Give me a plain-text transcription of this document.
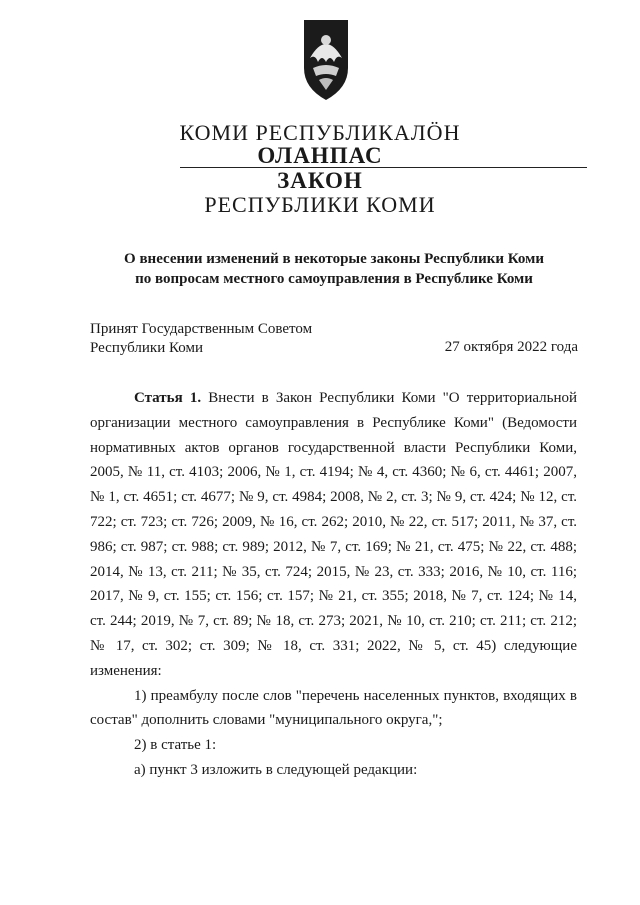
КОМИ РЕСПУБЛИКАЛÖН
ОЛАНПАС
ЗАКОН
РЕСПУБЛИКИ КОМИ
О внесении изменений в некоторые законы Республики Коми
по вопросам местного самоуправления в Республике Коми
Принят Государственным Советом
Республики Коми	27 октября 2022 года

Статья 1. Внести в Закон Республики Коми "О территориальной организации местного самоуправления в Республике Коми" (Ведомости нормативных актов органов государственной власти Республики Коми, 2005, № 11, ст. 4103; 2006, № 1, ст. 4194; № 4, ст. 4360; № 6, ст. 4461; 2007, № 1, ст. 4651; ст. 4677; № 9, ст. 4984; 2008, № 2, ст. 3; № 9, ст. 424; № 12, ст. 722; ст. 723; ст. 726; 2009, № 16, ст. 262; 2010, № 22, ст. 517; 2011, № 37, ст. 986; ст. 987; ст. 988; ст. 989; 2012, № 7, ст. 169; № 21, ст. 475; № 22, ст. 488; 2014, № 13, ст. 211; № 35, ст. 724; 2015, № 23, ст. 333; 2016, № 10, ст. 116; 2017, № 9, ст. 155; ст. 156; ст. 157; № 21, ст. 355; 2018, № 7, ст. 124; № 14, ст. 244; 2019, № 7, ст. 89; № 18, ст. 273; 2021, № 10, ст. 210; ст. 211; ст. 212; № 17, ст. 302; ст. 309; № 18, ст. 331; 2022, № 5, ст. 45) следующие изменения:

1) преамбулу после слов "перечень населенных пунктов, входящих в состав" дополнить словами "муниципального округа,";

2) в статье 1:

а) пункт 3 изложить в следующей редакции:
